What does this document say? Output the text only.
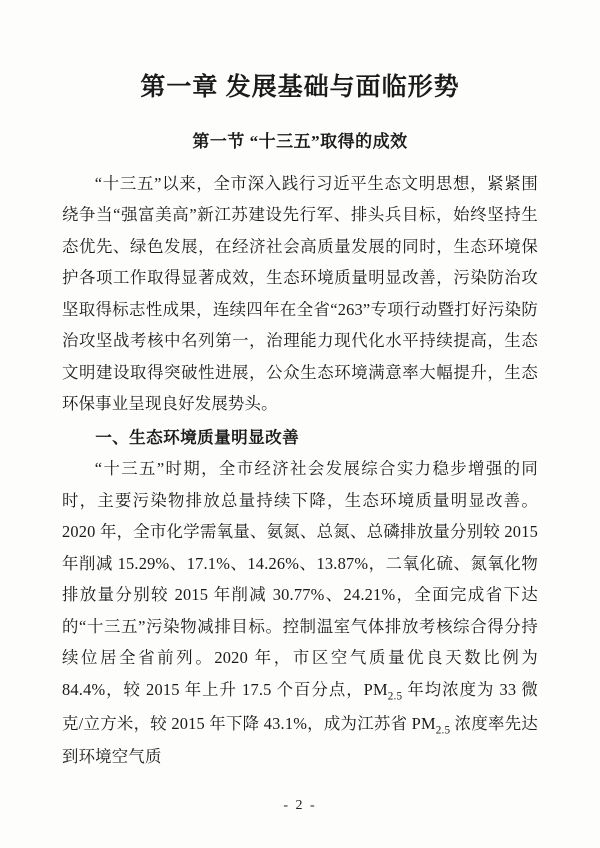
第一章 发展基础与面临形势
第一节 “十三五”取得的成效

“十三五”以来，全市深入践行习近平生态文明思想，紧紧围绕争当“强富美高”新江苏建设先行军、排头兵目标，始终坚持生态优先、绿色发展，在经济社会高质量发展的同时，生态环境保护各项工作取得显著成效，生态环境质量明显改善，污染防治攻坚取得标志性成果，连续四年在全省“263”专项行动暨打好污染防治攻坚战考核中名列第一，治理能力现代化水平持续提高，生态文明建设取得突破性进展，公众生态环境满意率大幅提升，生态环保事业呈现良好发展势头。

一、生态环境质量明显改善

“十三五”时期，全市经济社会发展综合实力稳步增强的同时，主要污染物排放总量持续下降，生态环境质量明显改善。2020 年，全市化学需氧量、氨氮、总氮、总磷排放量分别较 2015 年削减 15.29%、17.1%、14.26%、13.87%，二氧化硫、氮氧化物排放量分别较 2015 年削减 30.77%、24.21%，全面完成省下达的“十三五”污染物减排目标。控制温室气体排放考核综合得分持续位居全省前列。2020 年，市区空气质量优良天数比例为 84.4%，较 2015 年上升 17.5 个百分点，$PM_{2.5}$ 年均浓度为 33 微克/立方米，较 2015 年下降 43.1%，成为江苏省 $PM_{2.5}$ 浓度率先达到环境空气质

- 2 -
